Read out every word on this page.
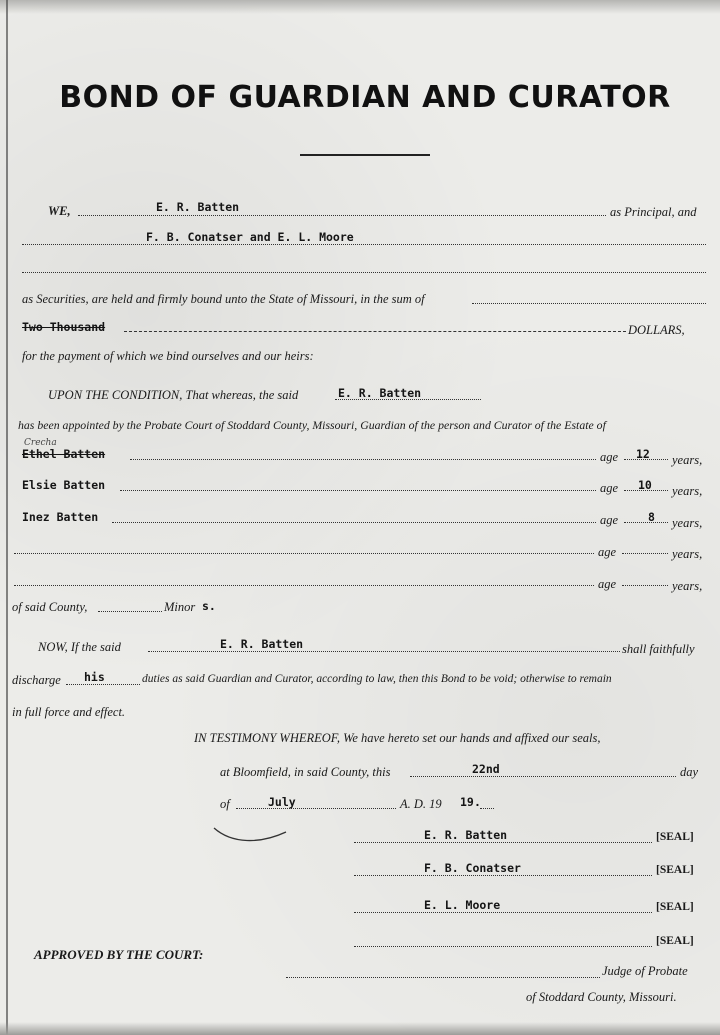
BOND OF GUARDIAN AND CURATOR
WE,	E. R. Batten	as Principal, and
F. B. Conatser and E. L. Moore
as Securities, are held and firmly bound unto the State of Missouri, in the sum of
Two Thousand	DOLLARS,
for the payment of which we bind ourselves and our heirs:
UPON THE CONDITION, That whereas, the said	E. R. Batten
has been appointed by the Probate Court of Stoddard County, Missouri, Guardian of the person and Curator of the Estate of
Crecha
Ethel Batten	age 12 years,
Elsie Batten	age 10 years,
Inez Batten	age	8 years,
age	years,
age	years,
of said County,	Minor s.
NOW, If the said	E. R. Batten	shall faithfully
discharge his	duties as said Guardian and Curator, according to law, then this Bond to be void; otherwise to remain
in full force and effect.
IN TESTIMONY WHEREOF, We have hereto set our hands and affixed our seals,
at Bloomfield, in said County, this	22nd	day
of	July	A. D. 19 19 .
E. R. Batten	[SEAL]
F. B. Conatser	[SEAL]
E. L. Moore	[SEAL]
[SEAL]
APPROVED BY THE COURT:
Judge of Probate
of Stoddard County, Missouri.
